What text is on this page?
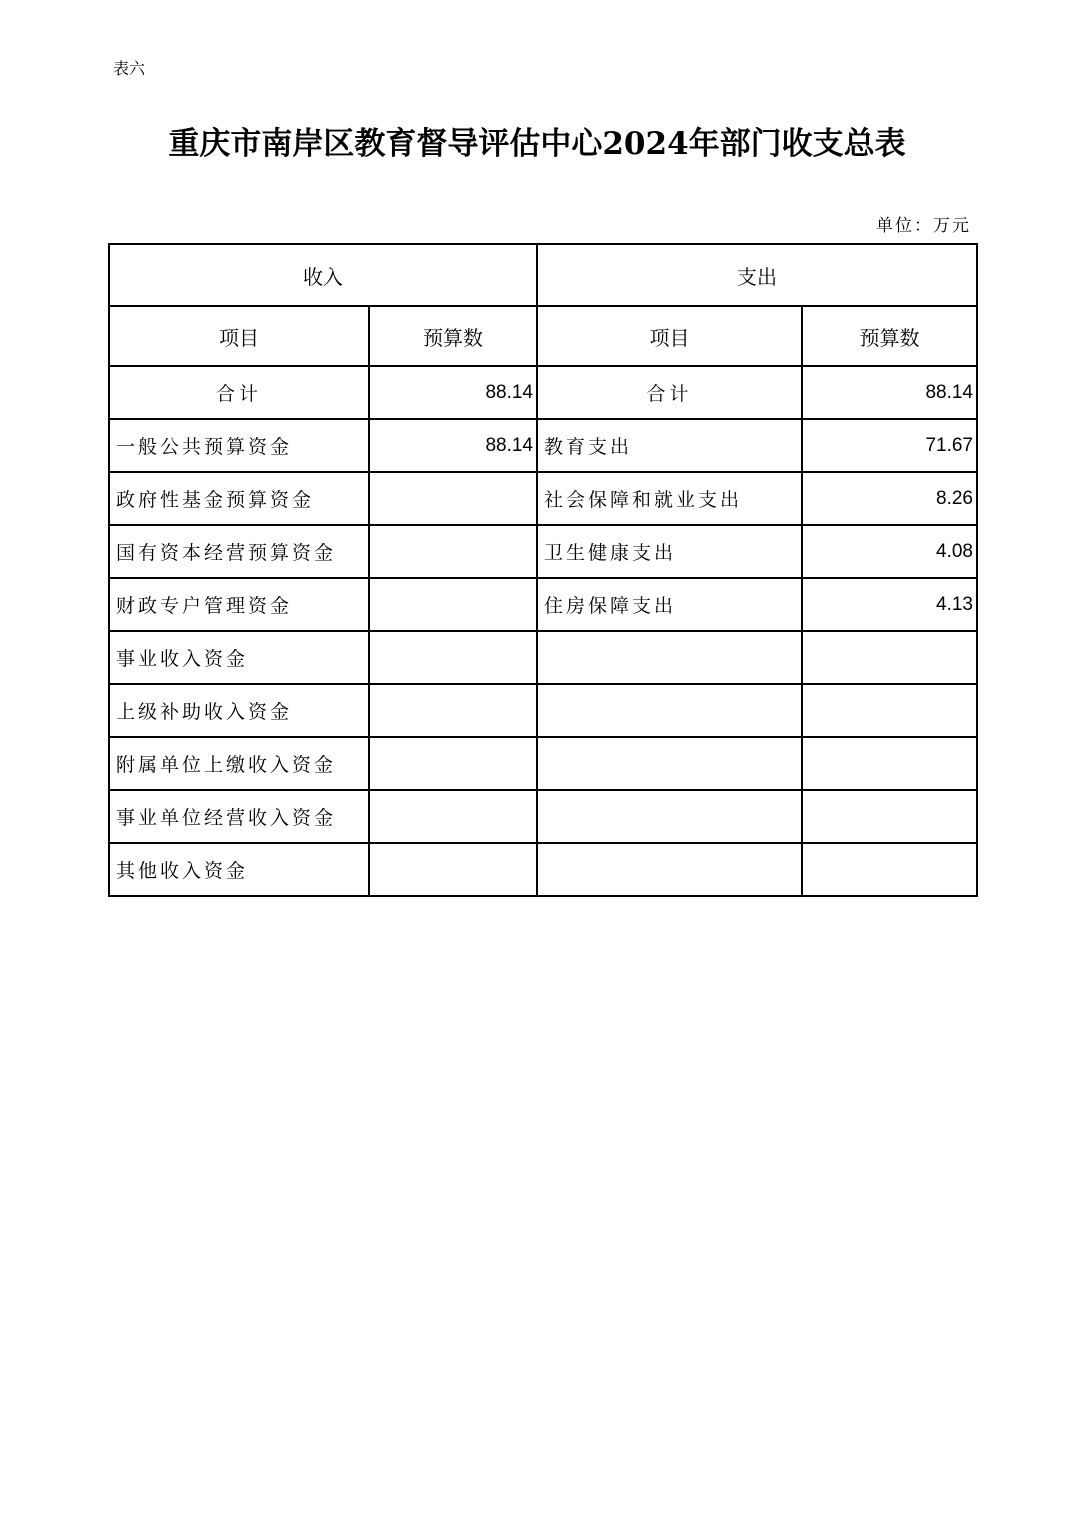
表六
重庆市南岸区教育督导评估中心2024年部门收支总表
单位：万元
收入		支出	
项目	预算数	项目	预算数
合计	88.14	合计	88.14
一般公共预算资金	88.14	教育支出	71.67
政府性基金预算资金		社会保障和就业支出	8.26
国有资本经营预算资金		卫生健康支出	4.08
财政专户管理资金		住房保障支出	4.13
事业收入资金			
上级补助收入资金			
附属单位上缴收入资金			
事业单位经营收入资金			
其他收入资金			
